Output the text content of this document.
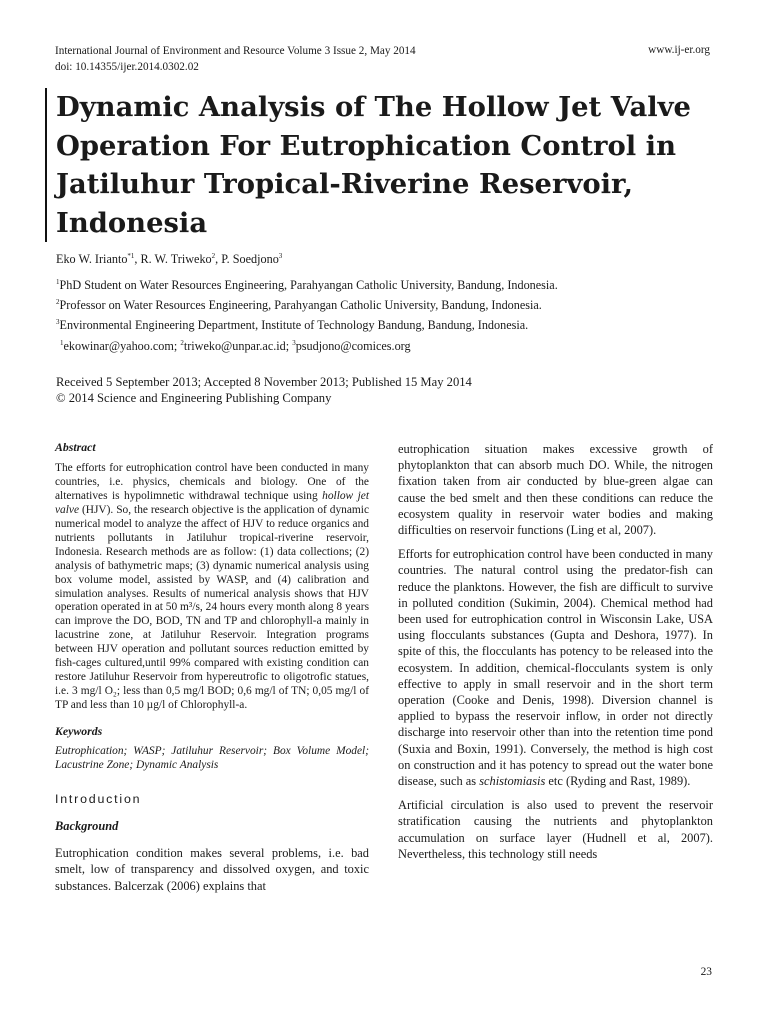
International Journal of Environment and Resource Volume 3 Issue 2, May 2014
doi: 10.14355/ijer.2014.0302.02
www.ij-er.org
Dynamic Analysis of The Hollow Jet Valve Operation For Eutrophication Control in Jatiluhur Tropical-Riverine Reservoir, Indonesia
Eko W. Irianto$^{*1}$, R. W. Triweko$^2$, P. Soedjono$^3$
$^1$PhD Student on Water Resources Engineering, Parahyangan Catholic University, Bandung, Indonesia.
$^2$Professor on Water Resources Engineering, Parahyangan Catholic University, Bandung, Indonesia.
$^3$Environmental Engineering Department, Institute of Technology Bandung, Bandung, Indonesia.
$^1$ekowinar@yahoo.com; $^2$triweko@unpar.ac.id; $^3$psudjono@comices.org
Received 5 September 2013; Accepted 8 November 2013; Published 15 May 2014
© 2014 Science and Engineering Publishing Company
Abstract

The efforts for eutrophication control have been conducted in many countries, i.e. physics, chemicals and biology. One of the alternatives is hypolimnetic withdrawal technique using hollow jet valve (HJV). So, the research objective is the application of dynamic numerical model to analyze the affect of HJV to reduce organics and nutrients pollutants in Jatiluhur tropical-riverine reservoir, Indonesia. Research methods are as follow: (1) data collections; (2) analysis of bathymetric maps; (3) dynamic numerical analysis using box volume model, assisted by WASP, and (4) calibration and simulation analyses. Results of numerical analysis shows that HJV operation operated in at 50 m³/s, 24 hours every month along 8 years can improve the DO, BOD, TN and TP and chlorophyll-a mainly in lacustrine zone, at Jatiluhur Reservoir. Integration programs between HJV operation and pollutant sources reduction emitted by fish-cages cultured,until 99% compared with existing condition can restore Jatiluhur Reservoir from hypereutrofic to oligotrofic statues, i.e. 3 mg/l O₂; less than 0,5 mg/l BOD; 0,6 mg/l of TN; 0,05 mg/l of TP and less than 10 µg/l of Chlorophyll-a.

Keywords

Eutrophication; WASP; Jatiluhur Reservoir; Box Volume Model; Lacustrine Zone; Dynamic Analysis

Introduction
Background

Eutrophication condition makes several problems, i.e. bad smelt, low of transparency and dissolved oxygen, and toxic substances. Balcerzak (2006) explains that

eutrophication situation makes excessive growth of phytoplankton that can absorb much DO. While, the nitrogen fixation taken from air conducted by blue-green algae can cause the bed smelt and then these conditions can reduce the ecosystem quality in reservoir water bodies and making difficulties on reservoir functions (Ling et al, 2007).

Efforts for eutrophication control have been conducted in many countries. The natural control using the predator-fish can reduce the planktons. However, the fish are difficult to survive in polluted condition (Sukimin, 2004). Chemical method had been used for eutrophication control in Wisconsin Lake, USA using flocculants substances (Gupta and Deshora, 1977). In spite of this, the flocculants has potency to be released into the ecosystem. In addition, chemical-flocculants system is only effective to apply in small reservoir and in the short term operation (Cooke and Denis, 1998). Diversion channel is applied to bypass the reservoir inflow, in order not directly discharge into reservoir other than into the retention time pond (Suxia and Boxin, 1991). Conversely, the method is high cost on construction and it has potency to spread out the water bone disease, such as schistomiasis etc (Ryding and Rast, 1989).

Artificial circulation is also used to prevent the reservoir stratification causing the nutrients and phytoplankton accumulation on surface layer (Hudnell et al, 2007). Nevertheless, this technology still needs

23
